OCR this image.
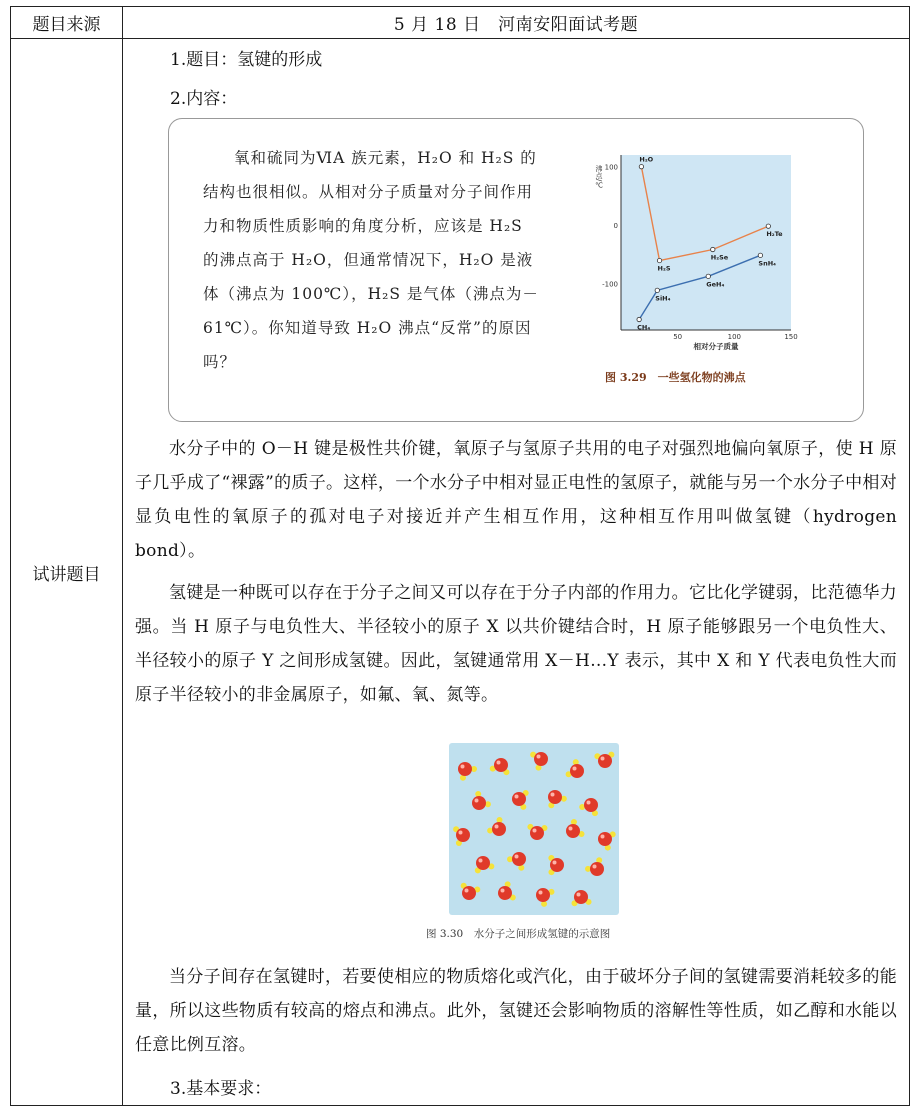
题目来源	5 月 18 日　河南安阳面试考题
试讲题目
1.题目：氢键的形成
2.内容：
氧和硫同为ⅥA 族元素，H₂O 和 H₂S 的结构也很相似。从相对分子质量对分子间作用力和物质性质影响的角度分析，应该是 H₂S 的沸点高于 H₂O，但通常情况下，H₂O 是液体（沸点为 100℃），H₂S 是气体（沸点为－61℃）。你知道导致 H₂O 沸点“反常”的原因吗？
100
0
-100
50	100	150
相对分子质量
沸点/℃
H₂O
H₂S
H₂Se
H₂Te
CH₄
SiH₄
GeH₄
SnH₄
图 3.29　一些氢化物的沸点
水分子中的 O－H 键是极性共价键，氧原子与氢原子共用的电子对强烈地偏向氧原子，使 H 原子几乎成了“裸露”的质子。这样，一个水分子中相对显正电性的氢原子，就能与另一个水分子中相对显负电性的氧原子的孤对电子对接近并产生相互作用，这种相互作用叫做氢键（hydrogen bond）。
氢键是一种既可以存在于分子之间又可以存在于分子内部的作用力。它比化学键弱，比范德华力强。当 H 原子与电负性大、半径较小的原子 X 以共价键结合时，H 原子能够跟另一个电负性大、半径较小的原子 Y 之间形成氢键。因此，氢键通常用 X－H…Y 表示，其中 X 和 Y 代表电负性大而原子半径较小的非金属原子，如氟、氧、氮等。
图 3.30　水分子之间形成氢键的示意图
当分子间存在氢键时，若要使相应的物质熔化或汽化，由于破坏分子间的氢键需要消耗较多的能量，所以这些物质有较高的熔点和沸点。此外，氢键还会影响物质的溶解性等性质，如乙醇和水能以任意比例互溶。
3.基本要求：
